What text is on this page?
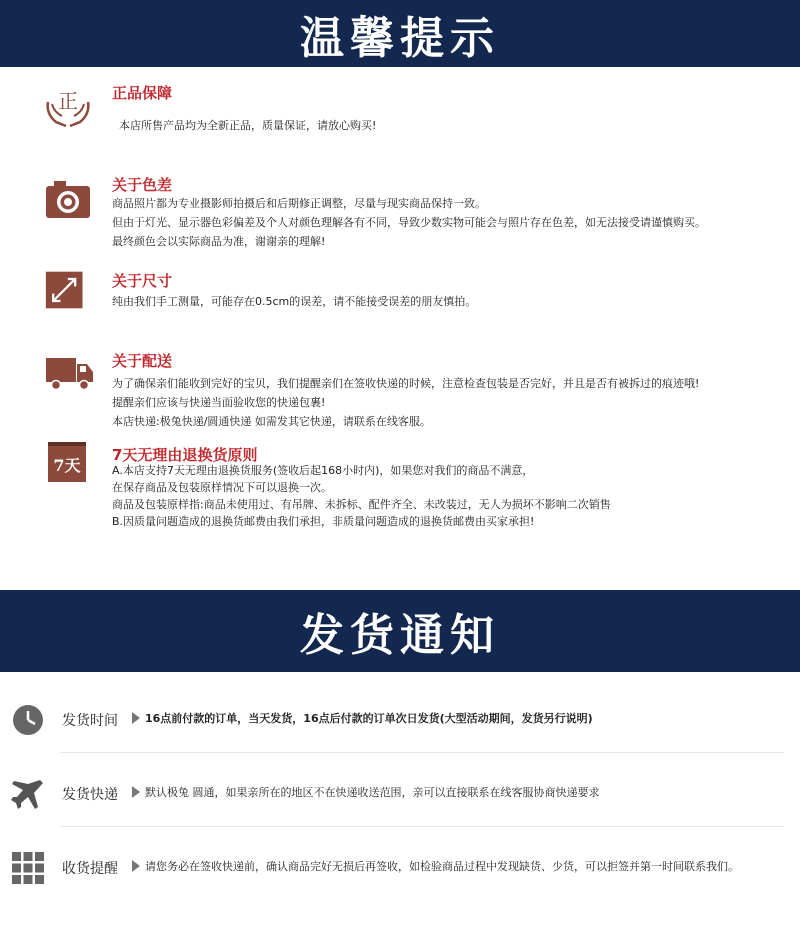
温馨提示
正 正品保障
本店所售产品均为全新正品，质量保证，请放心购买!
关于色差
商品照片都为专业摄影师拍摄后和后期修正调整，尽量与现实商品保持一致。
但由于灯光、显示器色彩偏差及个人对颜色理解各有不同，导致少数实物可能会与照片存在色差，如无法接受请谨慎购买。
最终颜色会以实际商品为准，谢谢亲的理解!
关于尺寸
纯由我们手工测量，可能存在0.5cm的误差，请不能接受误差的朋友慎拍。
关于配送
为了确保亲们能收到完好的宝贝，我们提醒亲们在签收快递的时候，注意检查包装是否完好，并且是否有被拆过的痕迹哦!
提醒亲们应该与快递当面验收您的快递包裹!
本店快递:极兔快递/圆通快递 如需发其它快递，请联系在线客服。
7天
7天无理由退换货原则
A.本店支持7天无理由退换货服务(签收后起168小时内)，如果您对我们的商品不满意，
在保存商品及包装原样情况下可以退换一次。
商品及包装原样指:商品未使用过、有吊牌、未拆标、配件齐全、未改装过，无人为损坏不影响二次销售
B.因质量问题造成的退换货邮费由我们承担，非质量问题造成的退换货邮费由买家承担!
发货通知
发货时间 16点前付款的订单，当天发货，16点后付款的订单次日发货(大型活动期间，发货另行说明)
发货快递 默认极兔 圆通，如果亲所在的地区不在快递收送范围，亲可以直接联系在线客服协商快递要求
收货提醒 请您务必在签收快递前，确认商品完好无损后再签收，如检验商品过程中发现缺货、少货，可以拒签并第一时间联系我们。
